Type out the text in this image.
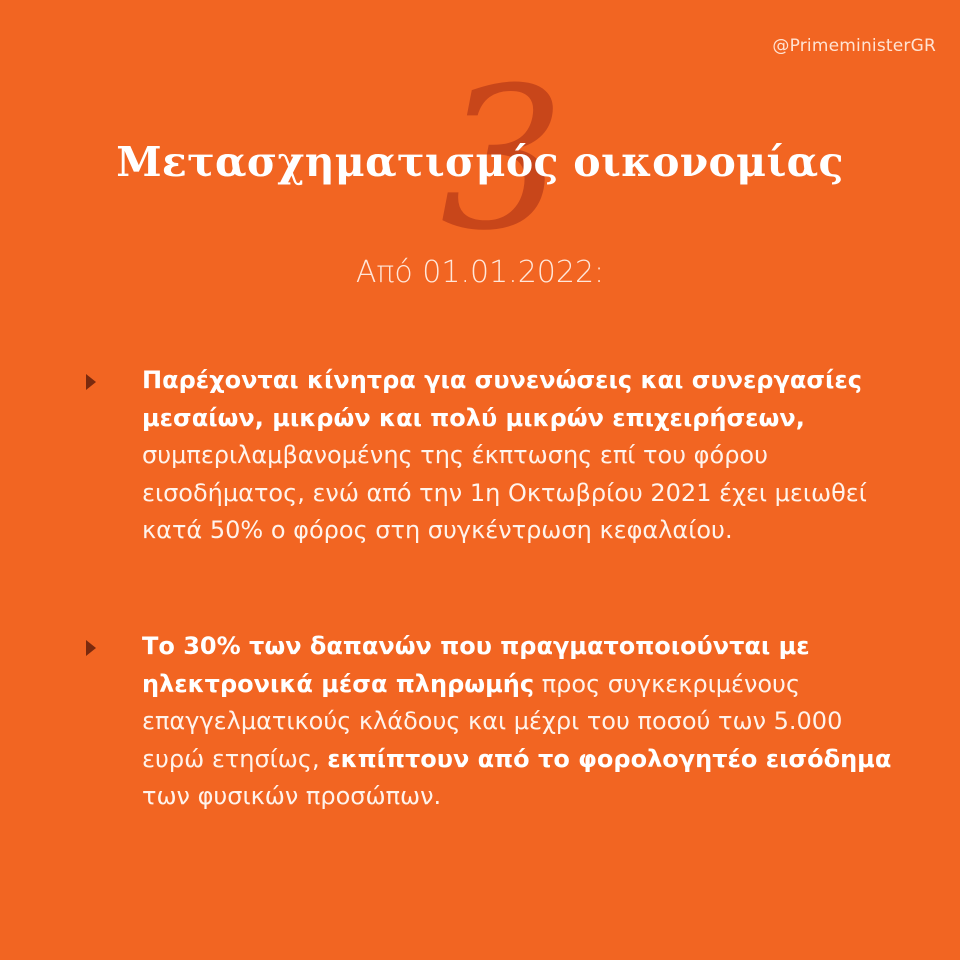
@PrimeministerGR
3
Μετασχηματισμός οικονομίας
Από 01.01.2022:
Παρέχονται κίνητρα για συνενώσεις και συνεργασίες μεσαίων, μικρών και πολύ μικρών επιχειρήσεων, συμπεριλαμβανομένης της έκπτωσης επί του φόρου εισοδήματος, ενώ από την 1η Οκτωβρίου 2021 έχει μειωθεί κατά 50% ο φόρος στη συγκέντρωση κεφαλαίου.
Το 30% των δαπανών που πραγματοποιούνται με ηλεκτρονικά μέσα πληρωμής προς συγκεκριμένους επαγγελματικούς κλάδους και μέχρι του ποσού των 5.000 ευρώ ετησίως, εκπίπτουν από το φορολογητέο εισόδημα των φυσικών προσώπων.
